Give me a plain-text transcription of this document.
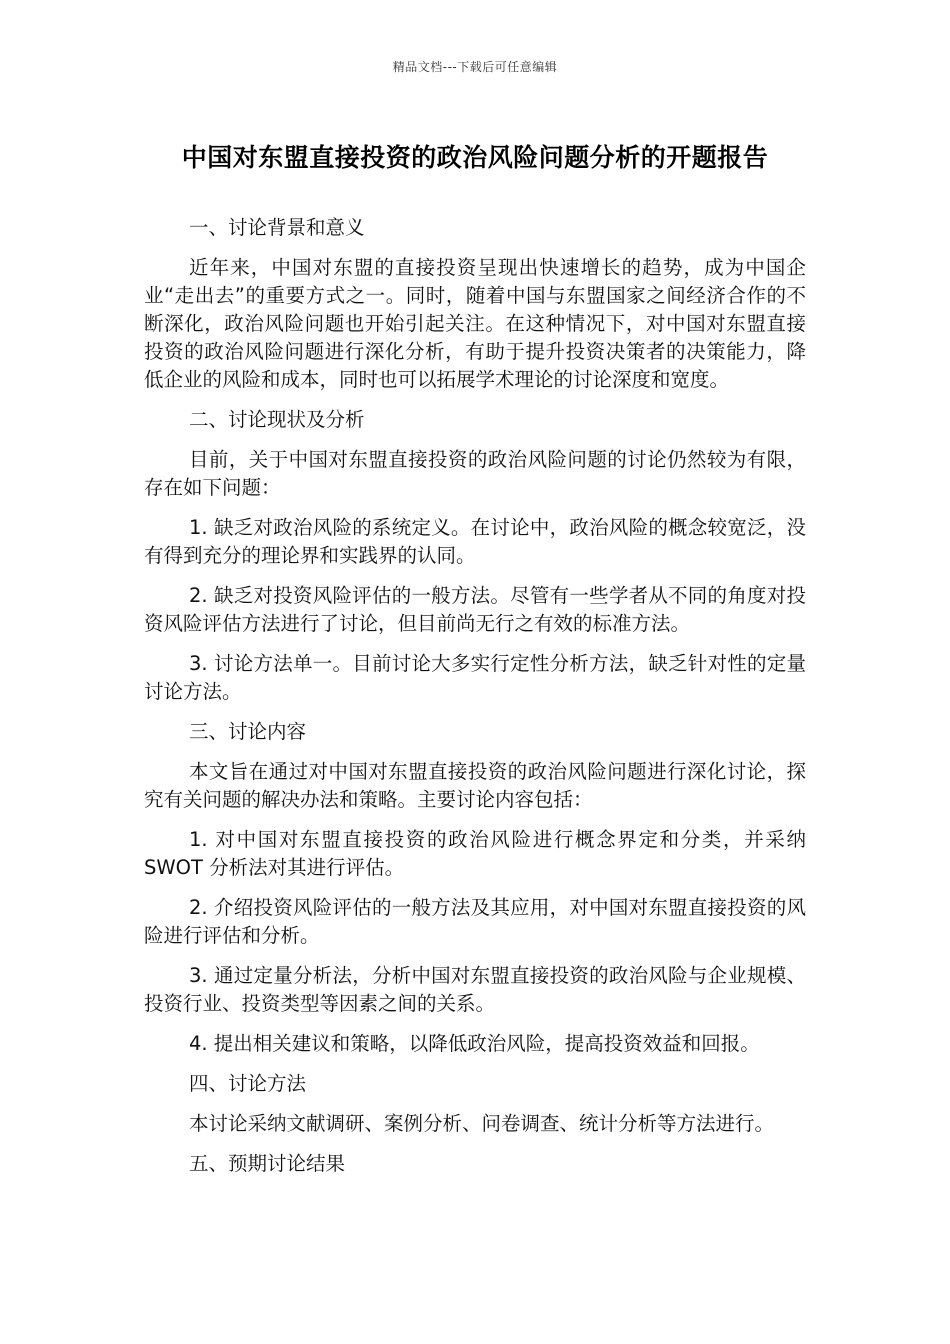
精品文档---下载后可任意编辑
中国对东盟直接投资的政治风险问题分析的开题报告

一、讨论背景和意义

近年来，中国对东盟的直接投资呈现出快速增长的趋势，成为中国企业“走出去”的重要方式之一。同时，随着中国与东盟国家之间经济合作的不断深化，政治风险问题也开始引起关注。在这种情况下，对中国对东盟直接投资的政治风险问题进行深化分析，有助于提升投资决策者的决策能力，降低企业的风险和成本，同时也可以拓展学术理论的讨论深度和宽度。

二、讨论现状及分析

目前，关于中国对东盟直接投资的政治风险问题的讨论仍然较为有限，存在如下问题：

1. 缺乏对政治风险的系统定义。在讨论中，政治风险的概念较宽泛，没有得到充分的理论界和实践界的认同。

2. 缺乏对投资风险评估的一般方法。尽管有一些学者从不同的角度对投资风险评估方法进行了讨论，但目前尚无行之有效的标准方法。

3. 讨论方法单一。目前讨论大多实行定性分析方法，缺乏针对性的定量讨论方法。

三、讨论内容

本文旨在通过对中国对东盟直接投资的政治风险问题进行深化讨论，探究有关问题的解决办法和策略。主要讨论内容包括：

1. 对中国对东盟直接投资的政治风险进行概念界定和分类，并采纳 SWOT 分析法对其进行评估。

2. 介绍投资风险评估的一般方法及其应用，对中国对东盟直接投资的风险进行评估和分析。

3. 通过定量分析法，分析中国对东盟直接投资的政治风险与企业规模、投资行业、投资类型等因素之间的关系。

4. 提出相关建议和策略，以降低政治风险，提高投资效益和回报。

四、讨论方法

本讨论采纳文献调研、案例分析、问卷调查、统计分析等方法进行。

五、预期讨论结果
